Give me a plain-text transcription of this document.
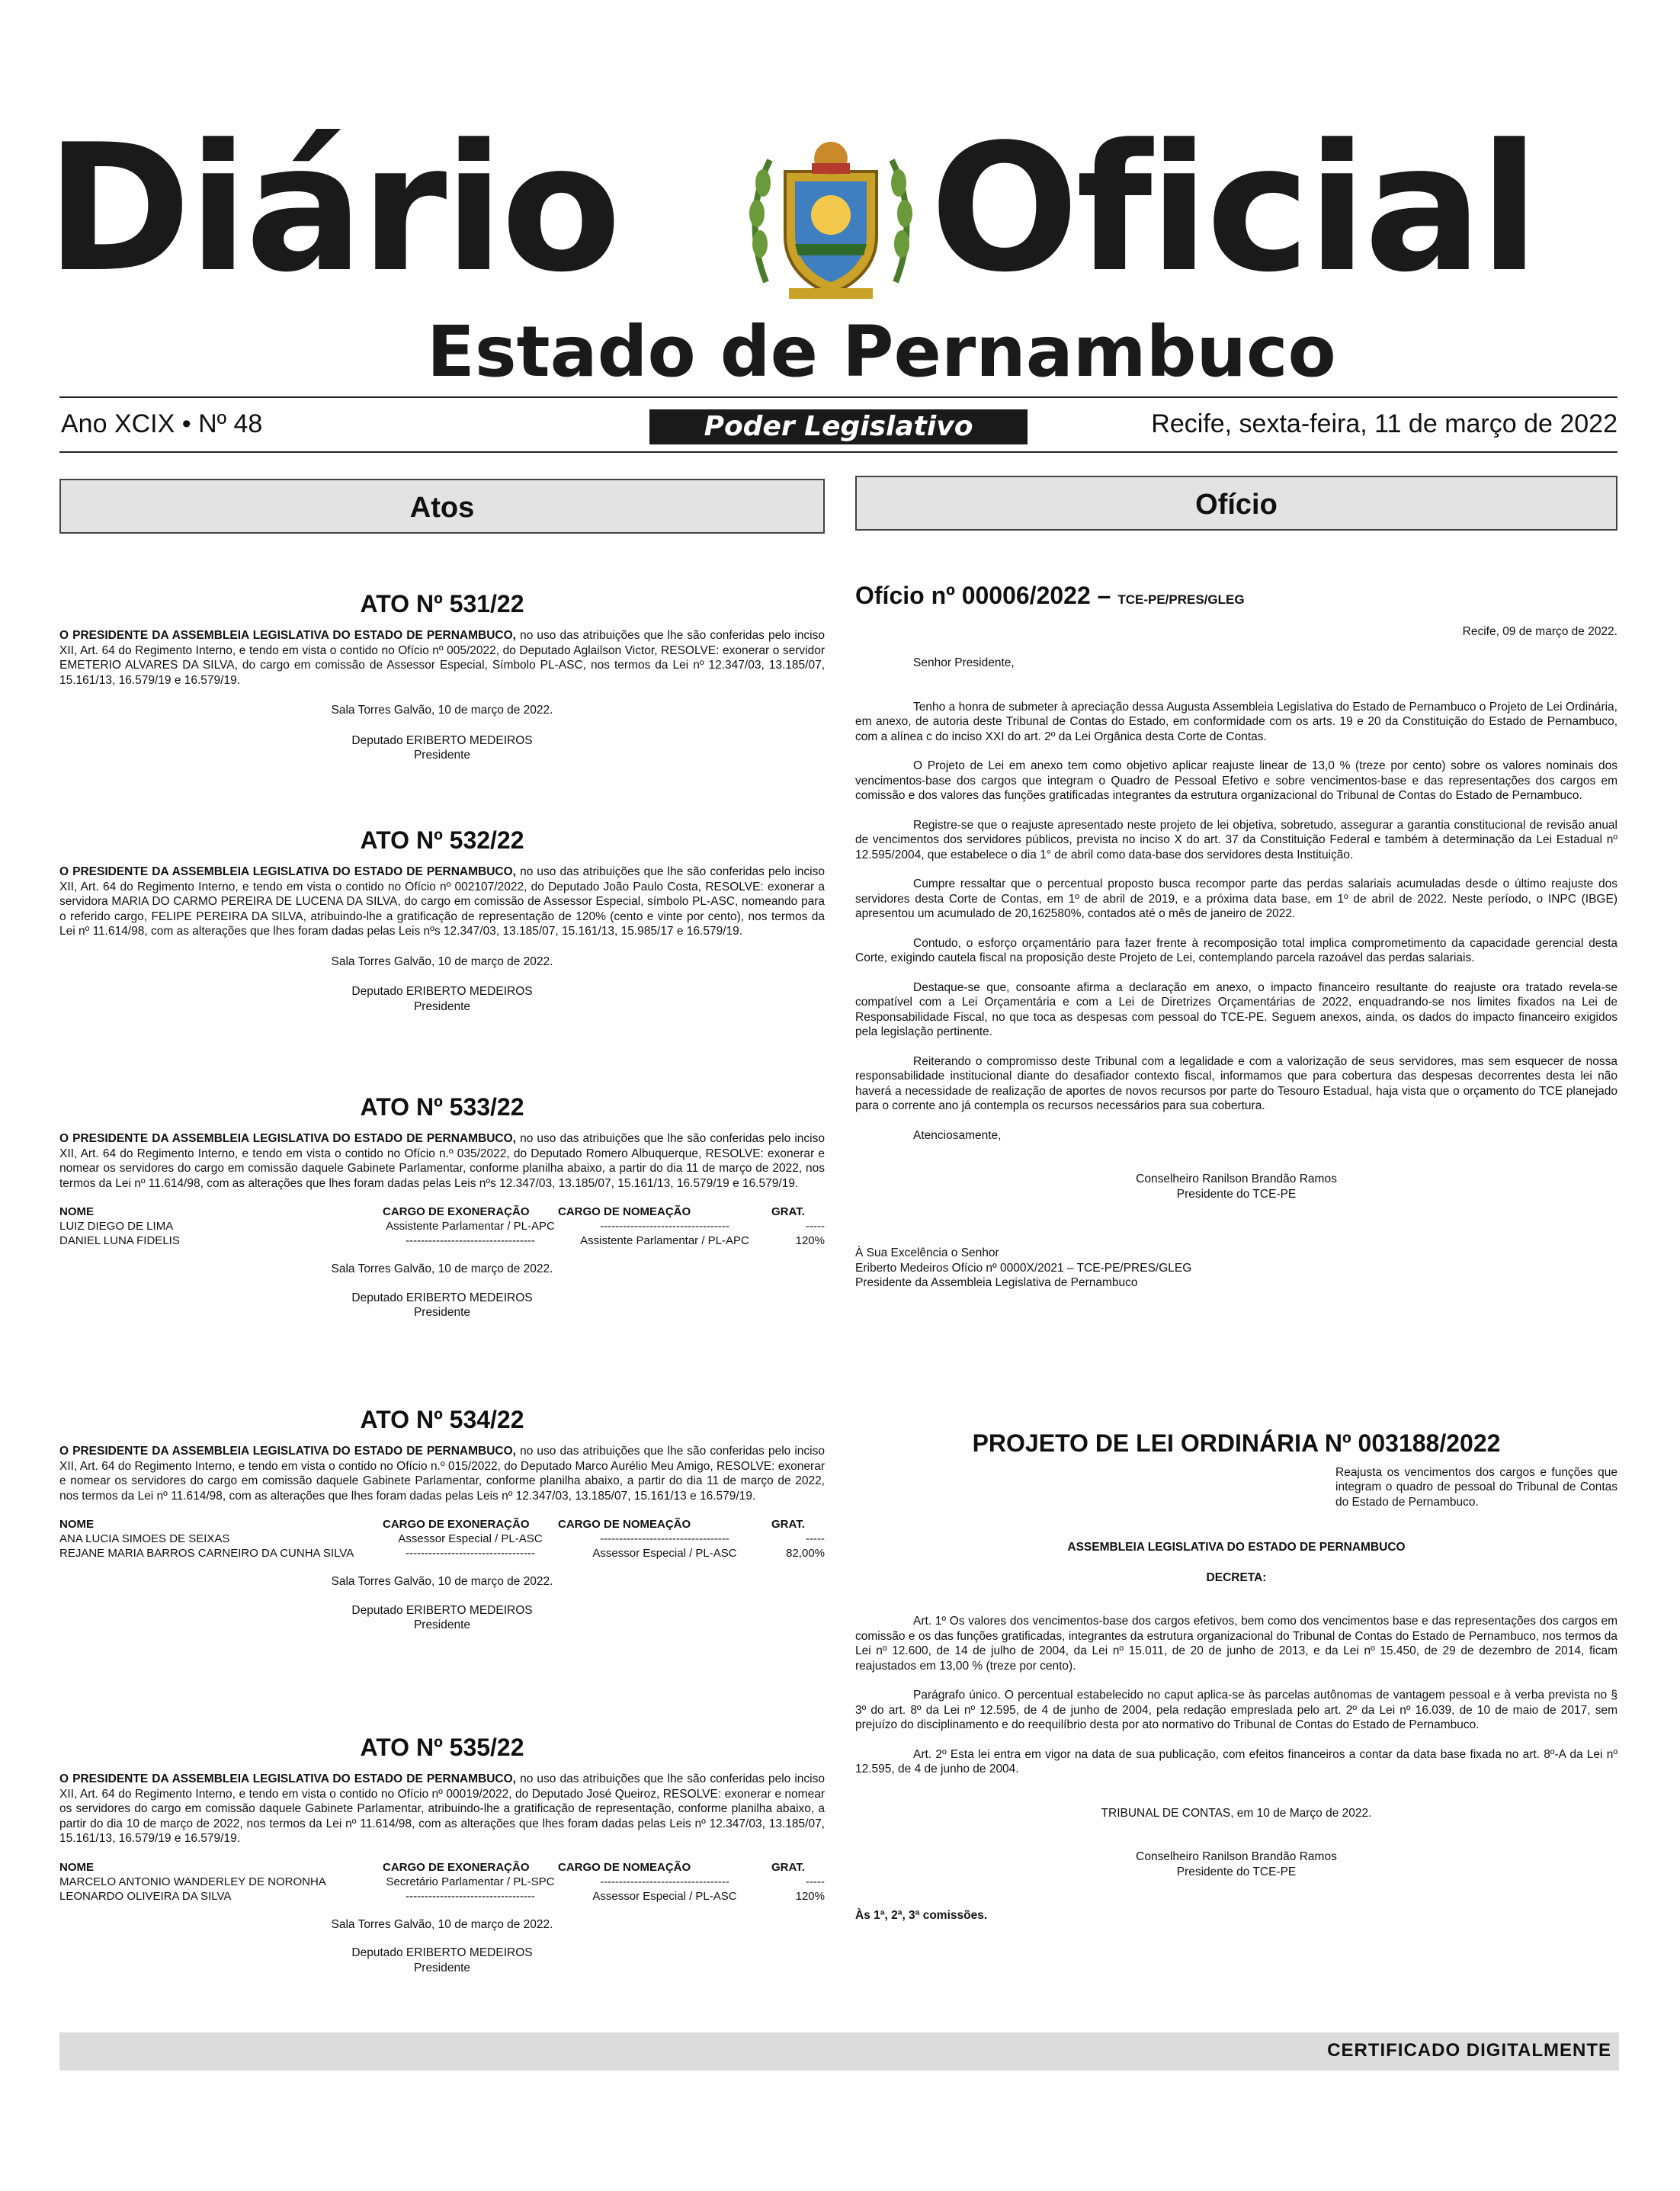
Diário Oficial
Estado de Pernambuco
Ano XCIX • Nº 48	Poder Legislativo	Recife, sexta-feira, 11 de março de 2022
Atos	Ofício
ATO Nº 531/22

O PRESIDENTE DA ASSEMBLEIA LEGISLATIVA DO ESTADO DE PERNAMBUCO, no uso das atribuições que lhe são conferidas pelo inciso XII, Art. 64 do Regimento Interno, e tendo em vista o contido no Ofício nº 005/2022, do Deputado Aglailson Victor, RESOLVE: exonerar o servidor EMETERIO ALVARES DA SILVA, do cargo em comissão de Assessor Especial, Símbolo PL-ASC, nos termos da Lei nº 12.347/03, 13.185/07, 15.161/13, 16.579/19 e 16.579/19.

Sala Torres Galvão, 10 de março de 2022.

Deputado ERIBERTO MEDEIROS

Presidente

ATO Nº 532/22

O PRESIDENTE DA ASSEMBLEIA LEGISLATIVA DO ESTADO DE PERNAMBUCO, no uso das atribuições que lhe são conferidas pelo inciso XII, Art. 64 do Regimento Interno, e tendo em vista o contido no Ofício nº 002107/2022, do Deputado João Paulo Costa, RESOLVE: exonerar a servidora MARIA DO CARMO PEREIRA DE LUCENA DA SILVA, do cargo em comissão de Assessor Especial, símbolo PL-ASC, nomeando para o referido cargo, FELIPE PEREIRA DA SILVA, atribuindo-lhe a gratificação de representação de 120% (cento e vinte por cento), nos termos da Lei nº 11.614/98, com as alterações que lhes foram dadas pelas Leis nºs 12.347/03, 13.185/07, 15.161/13, 15.985/17 e 16.579/19.

Sala Torres Galvão, 10 de março de 2022.

Deputado ERIBERTO MEDEIROS

Presidente

ATO Nº 533/22

O PRESIDENTE DA ASSEMBLEIA LEGISLATIVA DO ESTADO DE PERNAMBUCO, no uso das atribuições que lhe são conferidas pelo inciso XII, Art. 64 do Regimento Interno, e tendo em vista o contido no Ofício n.º 035/2022, do Deputado Romero Albuquerque, RESOLVE: exonerar e nomear os servidores do cargo em comissão daquele Gabinete Parlamentar, conforme planilha abaixo, a partir do dia 11 de março de 2022, nos termos da Lei nº 11.614/98, com as alterações que lhes foram dadas pelas Leis nºs 12.347/03, 13.185/07, 15.161/13, 16.579/19 e 16.579/19.

NOME	CARGO DE EXONERAÇÃO	CARGO DE NOMEAÇÃO	GRAT.
LUIZ DIEGO DE LIMA	Assistente Parlamentar / PL-APC	----------------------------------	-----
DANIEL LUNA FIDELIS	----------------------------------	Assistente Parlamentar / PL-APC	120%

Sala Torres Galvão, 10 de março de 2022.

Deputado ERIBERTO MEDEIROS

Presidente

ATO Nº 534/22

O PRESIDENTE DA ASSEMBLEIA LEGISLATIVA DO ESTADO DE PERNAMBUCO, no uso das atribuições que lhe são conferidas pelo inciso XII, Art. 64 do Regimento Interno, e tendo em vista o contido no Ofício n.º 015/2022, do Deputado Marco Aurélio Meu Amigo, RESOLVE: exonerar e nomear os servidores do cargo em comissão daquele Gabinete Parlamentar, conforme planilha abaixo, a partir do dia 11 de março de 2022, nos termos da Lei nº 11.614/98, com as alterações que lhes foram dadas pelas Leis nº 12.347/03, 13.185/07, 15.161/13 e 16.579/19.

NOME	CARGO DE EXONERAÇÃO	CARGO DE NOMEAÇÃO	GRAT.
ANA LUCIA SIMOES DE SEIXAS	Assessor Especial / PL-ASC	----------------------------------	-----
REJANE MARIA BARROS CARNEIRO DA CUNHA SILVA	----------------------------------	Assessor Especial / PL-ASC	82,00%

Sala Torres Galvão, 10 de março de 2022.

Deputado ERIBERTO MEDEIROS

Presidente

ATO Nº 535/22

O PRESIDENTE DA ASSEMBLEIA LEGISLATIVA DO ESTADO DE PERNAMBUCO, no uso das atribuições que lhe são conferidas pelo inciso XII, Art. 64 do Regimento Interno, e tendo em vista o contido no Ofício nº 00019/2022, do Deputado José Queiroz, RESOLVE: exonerar e nomear os servidores do cargo em comissão daquele Gabinete Parlamentar, atribuindo-lhe a gratificação de representação, conforme planilha abaixo, a partir do dia 10 de março de 2022, nos termos da Lei nº 11.614/98, com as alterações que lhes foram dadas pelas Leis nº 12.347/03, 13.185/07, 15.161/13, 16.579/19 e 16.579/19.

NOME	CARGO DE EXONERAÇÃO	CARGO DE NOMEAÇÃO	GRAT.
MARCELO ANTONIO WANDERLEY DE NORONHA	Secretário Parlamentar / PL-SPC	----------------------------------	-----
LEONARDO OLIVEIRA DA SILVA	----------------------------------	Assessor Especial / PL-ASC	120%

Sala Torres Galvão, 10 de março de 2022.

Deputado ERIBERTO MEDEIROS

Presidente

Ofício nº 00006/2022 – TCE-PE/PRES/GLEG

Recife, 09 de março de 2022.

Senhor Presidente,

Tenho a honra de submeter à apreciação dessa Augusta Assembleia Legislativa do Estado de Pernambuco o Projeto de Lei Ordinária, em anexo, de autoria deste Tribunal de Contas do Estado, em conformidade com os arts. 19 e 20 da Constituição do Estado de Pernambuco, com a alínea c do inciso XXI do art. 2º da Lei Orgânica desta Corte de Contas.

O Projeto de Lei em anexo tem como objetivo aplicar reajuste linear de 13,0 % (treze por cento) sobre os valores nominais dos vencimentos-base dos cargos que integram o Quadro de Pessoal Efetivo e sobre vencimentos-base e das representações dos cargos em comissão e dos valores das funções gratificadas integrantes da estrutura organizacional do Tribunal de Contas do Estado de Pernambuco.

Registre-se que o reajuste apresentado neste projeto de lei objetiva, sobretudo, assegurar a garantia constitucional de revisão anual de vencimentos dos servidores públicos, prevista no inciso X do art. 37 da Constituição Federal e também à determinação da Lei Estadual nº 12.595/2004, que estabelece o dia 1° de abril como data-base dos servidores desta Instituição.

Cumpre ressaltar que o percentual proposto busca recompor parte das perdas salariais acumuladas desde o último reajuste dos servidores desta Corte de Contas, em 1º de abril de 2019, e a próxima data base, em 1º de abril de 2022. Neste período, o INPC (IBGE) apresentou um acumulado de 20,162580%, contados até o mês de janeiro de 2022.

Contudo, o esforço orçamentário para fazer frente à recomposição total implica comprometimento da capacidade gerencial desta Corte, exigindo cautela fiscal na proposição deste Projeto de Lei, contemplando parcela razoável das perdas salariais.

Destaque-se que, consoante afirma a declaração em anexo, o impacto financeiro resultante do reajuste ora tratado revela-se compatível com a Lei Orçamentária e com a Lei de Diretrizes Orçamentárias de 2022, enquadrando-se nos limites fixados na Lei de Responsabilidade Fiscal, no que toca as despesas com pessoal do TCE-PE. Seguem anexos, ainda, os dados do impacto financeiro exigidos pela legislação pertinente.

Reiterando o compromisso deste Tribunal com a legalidade e com a valorização de seus servidores, mas sem esquecer de nossa responsabilidade institucional diante do desafiador contexto fiscal, informamos que para cobertura das despesas decorrentes desta lei não haverá a necessidade de realização de aportes de novos recursos por parte do Tesouro Estadual, haja vista que o orçamento do TCE planejado para o corrente ano já contempla os recursos necessários para sua cobertura.

Atenciosamente,

Conselheiro Ranilson Brandão Ramos

Presidente do TCE-PE

À Sua Excelência o Senhor

Eriberto Medeiros Ofício nº 0000X/2021 – TCE-PE/PRES/GLEG

Presidente da Assembleia Legislativa de Pernambuco

PROJETO DE LEI ORDINÁRIA Nº 003188/2022

Reajusta os vencimentos dos cargos e funções que integram o quadro de pessoal do Tribunal de Contas do Estado de Pernambuco.

ASSEMBLEIA LEGISLATIVA DO ESTADO DE PERNAMBUCO

DECRETA:

Art. 1º Os valores dos vencimentos-base dos cargos efetivos, bem como dos vencimentos base e das representações dos cargos em comissão e os das funções gratificadas, integrantes da estrutura organizacional do Tribunal de Contas do Estado de Pernambuco, nos termos da Lei nº 12.600, de 14 de julho de 2004, da Lei nº 15.011, de 20 de junho de 2013, e da Lei nº 15.450, de 29 de dezembro de 2014, ficam reajustados em 13,00 % (treze por cento).

Parágrafo único. O percentual estabelecido no caput aplica-se às parcelas autônomas de vantagem pessoal e à verba prevista no § 3º do art. 8º da Lei nº 12.595, de 4 de junho de 2004, pela redação empreslada pelo art. 2º da Lei nº 16.039, de 10 de maio de 2017, sem prejuízo do disciplinamento e do reequilíbrio desta por ato normativo do Tribunal de Contas do Estado de Pernambuco.

Art. 2º Esta lei entra em vigor na data de sua publicação, com efeitos financeiros a contar da data base fixada no art. 8º-A da Lei nº 12.595, de 4 de junho de 2004.

TRIBUNAL DE CONTAS, em 10 de Março de 2022.

Conselheiro Ranilson Brandão Ramos

Presidente do TCE-PE

Às 1ª, 2ª, 3ª comissões.

CERTIFICADO DIGITALMENTE
